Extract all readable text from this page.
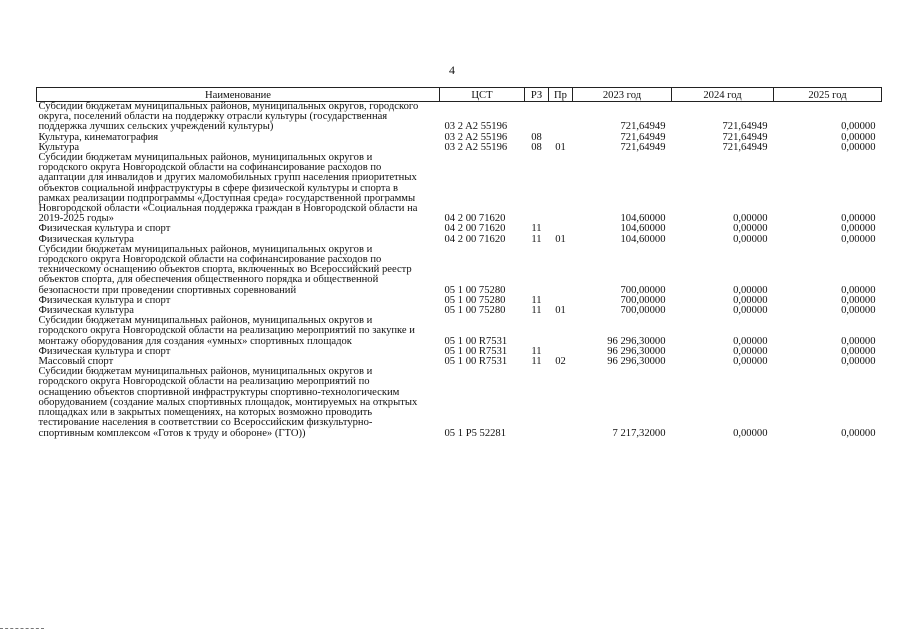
4
Наименование	ЦСТ	РЗ	Пр	2023 год	2024 год	2025 год
Субсидии бюджетам муниципальных районов, муниципальных округов, городского округа, поселений области на поддержку отрасли культуры (государственная поддержка лучших сельских учреждений культуры)	03 2 A2 55196			721,64949	721,64949	0,00000
Культура, кинематография	03 2 A2 55196	08		721,64949	721,64949	0,00000
Культура	03 2 A2 55196	08	01	721,64949	721,64949	0,00000
Субсидии бюджетам муниципальных районов, муниципальных округов и городского округа Новгородской области на софинансирование расходов по адаптации для инвалидов и других маломобильных групп населения приоритетных объектов социальной инфраструктуры в сфере физической культуры и спорта в рамках реализации подпрограммы «Доступная среда» государственной программы Новгородской области «Социальная поддержка граждан в Новгородской области на 2019-2025 годы»	04 2 00 71620			104,60000	0,00000	0,00000
Физическая культура и спорт	04 2 00 71620	11		104,60000	0,00000	0,00000
Физическая культура	04 2 00 71620	11	01	104,60000	0,00000	0,00000
Субсидии бюджетам муниципальных районов, муниципальных округов и городского округа Новгородской области на софинансирование расходов по техническому оснащению объектов спорта, включенных во Всероссийский реестр объектов спорта, для обеспечения общественного порядка и общественной безопасности при проведении спортивных соревнований	05 1 00 75280			700,00000	0,00000	0,00000
Физическая культура и спорт	05 1 00 75280	11		700,00000	0,00000	0,00000
Физическая культура	05 1 00 75280	11	01	700,00000	0,00000	0,00000
Субсидии бюджетам муниципальных районов, муниципальных округов и городского округа Новгородской области на реализацию мероприятий по закупке и монтажу оборудования для создания «умных» спортивных площадок	05 1 00 R7531			96 296,30000	0,00000	0,00000
Физическая культура и спорт	05 1 00 R7531	11		96 296,30000	0,00000	0,00000
Массовый спорт	05 1 00 R7531	11	02	96 296,30000	0,00000	0,00000
Субсидии бюджетам муниципальных районов, муниципальных округов и городского округа Новгородской области на реализацию мероприятий по оснащению объектов спортивной инфраструктуры спортивно-технологическим оборудованием (создание малых спортивных площадок, монтируемых на открытых площадках или в закрытых помещениях, на которых возможно проводить тестирование населения в соответствии со Всероссийским физкультурно-спортивным комплексом «Готов к труду и обороне» (ГТО))	05 1 P5 52281			7 217,32000	0,00000	0,00000
